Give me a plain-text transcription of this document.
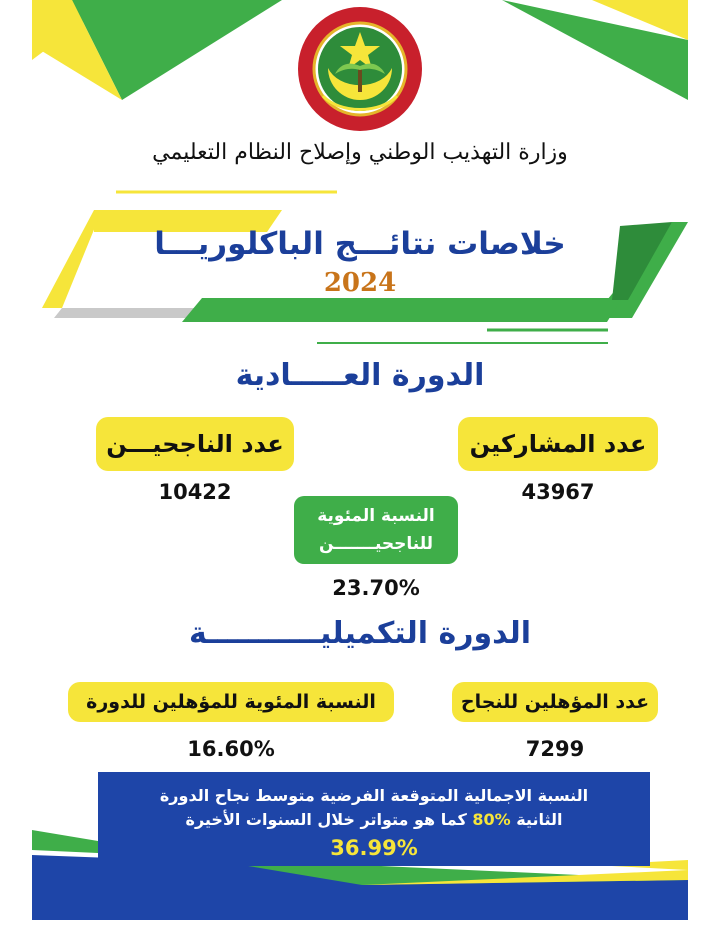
وزارة التهذيب الوطني وإصلاح النظام التعليمي
خلاصات نتائـــج الباكلوريـــا
2024
الدورة العـــــادية
عدد المشاركين
عدد الناجحيـــن
43967
10422
النسبة المئوية
للناجحيـــــــن
23.70%
الدورة التكميليـــــــــــة
عدد المؤهلين للنجاح
النسبة المئوية للمؤهلين للدورة
7299
16.60%
النسبة الاجمالية المتوقعة الفرضية متوسط نجاح الدورة
الثانية 80% كما هو متواتر خلال السنوات الأخيرة
36.99%
